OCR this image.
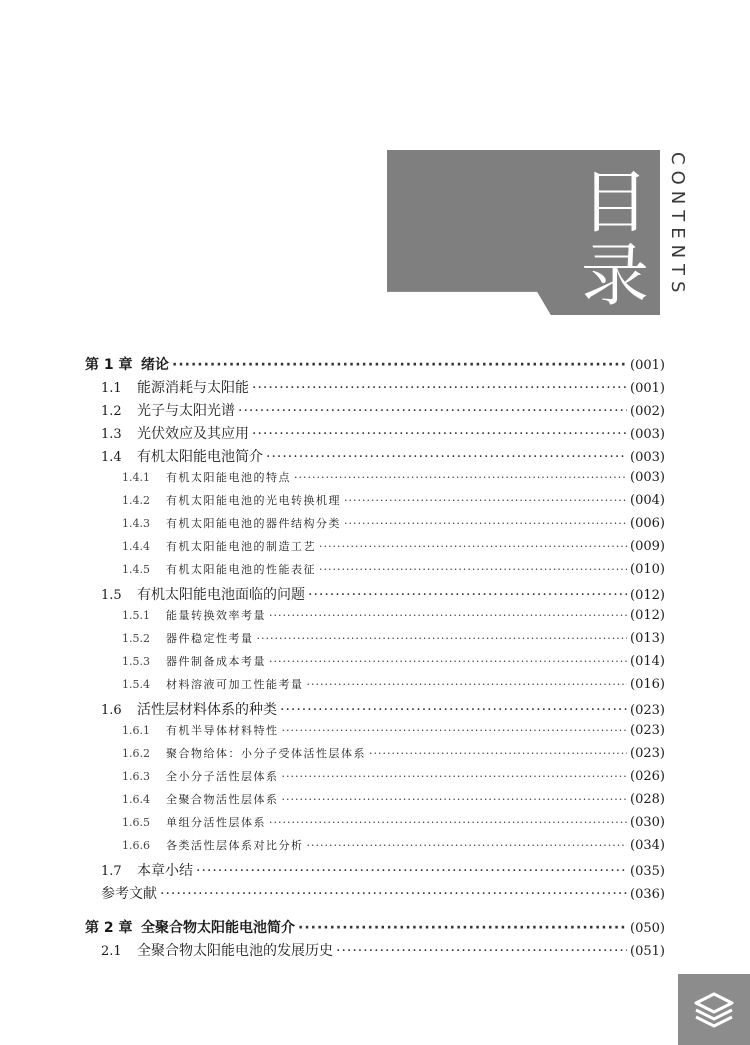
目
录	CONTENTS
第 1 章 绪论 ·····	(001)
1.1	能源消耗与太阳能 ·····	(001)
1.2	光子与太阳光谱 ·····	(002)
1.3	光伏效应及其应用 ·····	(003)
1.4	有机太阳能电池简介 ·····	(003)
1.4.1	有机太阳能电池的特点 ·····	(003)
1.4.2	有机太阳能电池的光电转换机理 ·····	(004)
1.4.3	有机太阳能电池的器件结构分类 ·····	(006)
1.4.4	有机太阳能电池的制造工艺 ·····	(009)
1.4.5	有机太阳能电池的性能表征 ·····	(010)
1.5	有机太阳能电池面临的问题 ·····	(012)
1.5.1	能量转换效率考量 ·····	(012)
1.5.2	器件稳定性考量 ·····	(013)
1.5.3	器件制备成本考量 ·····	(014)
1.5.4	材料溶液可加工性能考量 ·····	(016)
1.6	活性层材料体系的种类 ·····	(023)
1.6.1	有机半导体材料特性 ·····	(023)
1.6.2	聚合物给体：小分子受体活性层体系 ·····	(023)
1.6.3	全小分子活性层体系 ·····	(026)
1.6.4	全聚合物活性层体系 ·····	(028)
1.6.5	单组分活性层体系 ·····	(030)
1.6.6	各类活性层体系对比分析 ·····	(034)
1.7	本章小结 ·····	(035)
参考文献 ·····	(036)
第 2 章 全聚合物太阳能电池简介 ·····	(050)
2.1	全聚合物太阳能电池的发展历史 ·····	(051)
